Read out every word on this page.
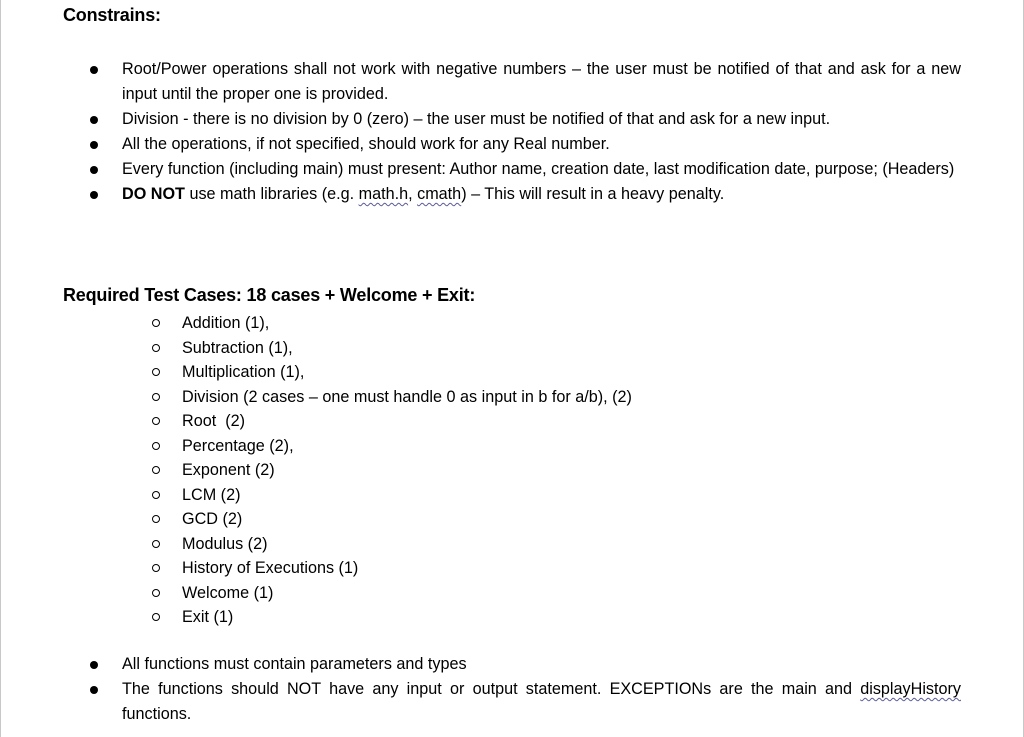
Constrains:
Root/Power operations shall not work with negative numbers – the user must be notified of that and ask for a new input until the proper one is provided.
Division - there is no division by 0 (zero) – the user must be notified of that and ask for a new input.
All the operations, if not specified, should work for any Real number.
Every function (including main) must present: Author name, creation date, last modification date, purpose; (Headers)
DO NOT use math libraries (e.g. math.h, cmath) – This will result in a heavy penalty.
Required Test Cases: 18 cases + Welcome + Exit:
Addition (1),
Subtraction (1),
Multiplication (1),
Division (2 cases – one must handle 0 as input in b for a/b), (2)
Root  (2)
Percentage (2),
Exponent (2)
LCM (2)
GCD (2)
Modulus (2)
History of Executions (1)
Welcome (1)
Exit (1)
All functions must contain parameters and types
The functions should NOT have any input or output statement. EXCEPTIONs are the main and displayHistory functions.
